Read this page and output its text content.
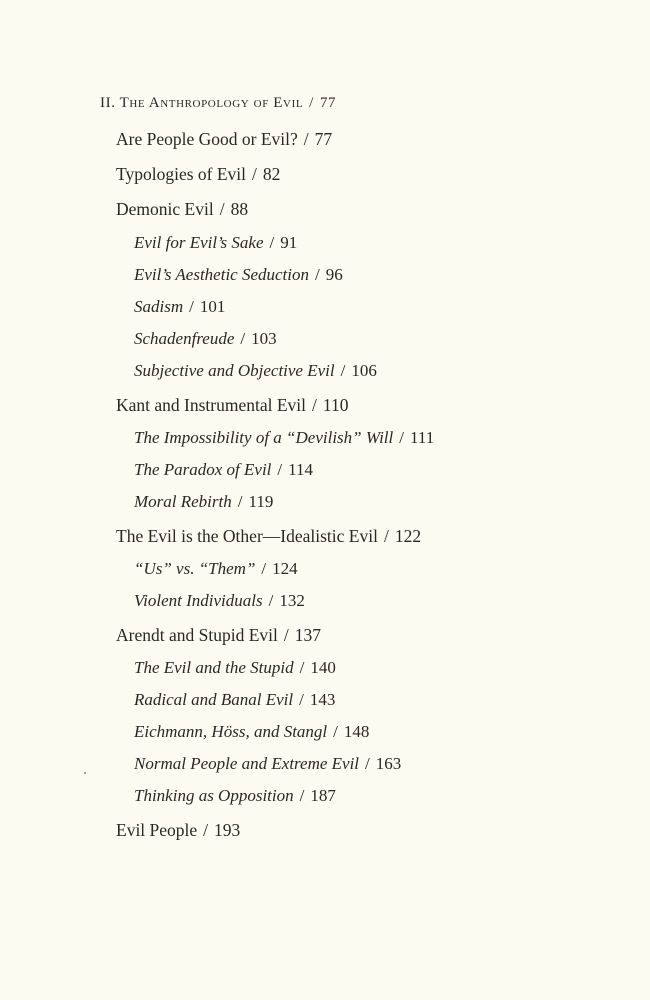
II. The Anthropology of Evil / 77
Are People Good or Evil? / 77
Typologies of Evil / 82
Demonic Evil / 88
Evil for Evil’s Sake / 91
Evil’s Aesthetic Seduction / 96
Sadism / 101
Schadenfreude / 103
Subjective and Objective Evil / 106
Kant and Instrumental Evil / 110
The Impossibility of a “Devilish” Will / 111
The Paradox of Evil / 114
Moral Rebirth / 119
The Evil is the Other—Idealistic Evil / 122
“Us” vs. “Them” / 124
Violent Individuals / 132
Arendt and Stupid Evil / 137
The Evil and the Stupid / 140
Radical and Banal Evil / 143
Eichmann, Höss, and Stangl / 148
Normal People and Extreme Evil / 163
Thinking as Opposition / 187
Evil People / 193
